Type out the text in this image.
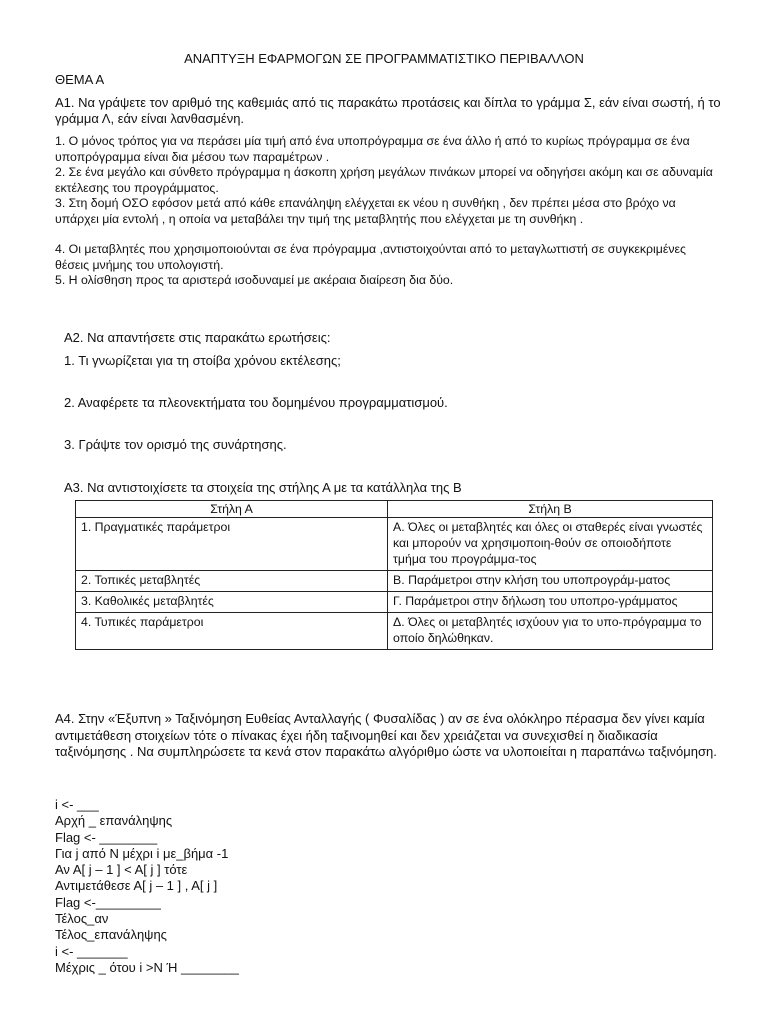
ΑΝΑΠΤΥΞΗ ΕΦΑΡΜΟΓΩΝ ΣΕ ΠΡΟΓΡΑΜΜΑΤΙΣΤΙΚΟ ΠΕΡΙΒΑΛΛΟΝ
ΘΕΜΑ Α
Α1. Να γράψετε τον αριθμό της καθεμιάς από τις παρακάτω προτάσεις και δίπλα το γράμμα Σ, εάν είναι σωστή, ή το γράμμα Λ, εάν είναι λανθασμένη.
1. Ο μόνος τρόπος για να περάσει μία τιμή από ένα υποπρόγραμμα σε ένα άλλο ή από το κυρίως πρόγραμμα σε ένα υποπρόγραμμα είναι δια μέσου των παραμέτρων .
2. Σε ένα μεγάλο και σύνθετο πρόγραμμα η άσκοπη χρήση μεγάλων πινάκων μπορεί να οδηγήσει ακόμη και σε αδυναμία εκτέλεσης του προγράμματος.
3. Στη δομή ΟΣΟ εφόσον μετά από κάθε επανάληψη ελέγχεται εκ νέου η συνθήκη , δεν πρέπει μέσα στο βρόχο να υπάρχει μία εντολή , η οποία να μεταβάλει την τιμή της μεταβλητής που ελέγχεται με τη συνθήκη .
4. Οι μεταβλητές που χρησιμοποιούνται σε ένα πρόγραμμα ,αντιστοιχούνται από το μεταγλωττιστή σε συγκεκριμένες θέσεις μνήμης του υπολογιστή.
5. Η ολίσθηση προς τα αριστερά ισοδυναμεί με ακέραια διαίρεση δια δύο.
Α2. Να απαντήσετε στις παρακάτω ερωτήσεις:
1. Τι γνωρίζεται για τη στοίβα χρόνου εκτέλεσης;
2. Αναφέρετε τα πλεονεκτήματα του δομημένου προγραμματισμού.
3. Γράψτε τον ορισμό της συνάρτησης.
Α3. Να αντιστοιχίσετε τα στοιχεία της στήλης Α με τα κατάλληλα της Β
Στήλη Α	Στήλη Β
1. Πραγματικές παράμετροι	Α. Όλες οι μεταβλητές και όλες οι σταθερές είναι γνωστές και μπορούν να χρησιμοποιη-θούν σε οποιοδήποτε τμήμα του προγράμμα-τος
2. Τοπικές μεταβλητές	Β. Παράμετροι στην κλήση του υποπρογράμ-ματος
3. Καθολικές μεταβλητές	Γ. Παράμετροι στην δήλωση του υποπρο-γράμματος
4. Τυπικές παράμετροι	Δ. Όλες οι μεταβλητές ισχύουν για το υπο-πρόγραμμα το οποίο δηλώθηκαν.
Α4. Στην «Έξυπνη » Ταξινόμηση Ευθείας Ανταλλαγής ( Φυσαλίδας ) αν σε ένα ολόκληρο πέρασμα δεν γίνει καμία αντιμετάθεση στοιχείων τότε ο πίνακας έχει ήδη ταξινομηθεί και δεν χρειάζεται να συνεχισθεί η διαδικασία ταξινόμησης . Να συμπληρώσετε τα κενά στον παρακάτω αλγόριθμο ώστε να υλοποιείται η παραπάνω ταξινόμηση.
i <- ___
Αρχή _ επανάληψης
Flag <- ________
Για j από Ν μέχρι i με_βήμα -1
Αν Α[ j – 1 ] < Α[ j ] τότε
Αντιμετάθεσε Α[ j – 1 ] , Α[ j ]
Flag <-_________
Τέλος_αν
Τέλος_επανάληψης
i <- _______
Μέχρις _ ότου i >N Ή ________
